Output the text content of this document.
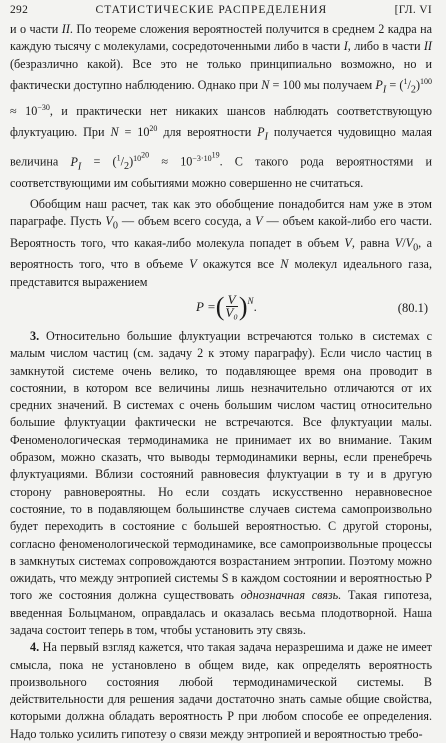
292	СТАТИСТИЧЕСКИЕ РАСПРЕДЕЛЕНИЯ	[ГЛ. VI

и о части II. По теореме сложения вероятностей получится в среднем 2 кадра на каждую тысячу с молекулами, сосредоточенными либо в части I, либо в части II (безразлично какой). Все это не только принципиально возможно, но и фактически доступно наблюдению. Однако при N = 100 мы получаем $P_I = (^1/_2)^{100} \approx 10^{-30}$, и практически нет никаких шансов наблюдать соответствующую флуктуацию. При $N = 10^{20}$ для вероятности $P_I$ получается чудовищно малая величина $P_I = (^1/_2)^{10^{20}} \approx 10^{-3\cdot 10^{19}}$. С такого рода вероятностями и соответствующими им событиями можно совершенно не считаться.

Обобщим наш расчет, так как это обобщение понадобится нам уже в этом параграфе. Пусть $V_0$ — объем всего сосуда, а V — объем какой-либо его части. Вероятность того, что какая-либо молекула попадет в объем V, равна $V/V_0$, а вероятность того, что в объеме V окажутся все N молекул идеального газа, представится выражением

P = ( $\frac{V}{\text{V₀}} )^N$ .	(80.1)

3. Относительно большие флуктуации встречаются только в системах с малым числом частиц (см. задачу 2 к этому параграфу). Если число частиц в замкнутой системе очень велико, то подавляющее время она проводит в состоянии, в котором все величины лишь незначительно отличаются от их средних значений. В системах с очень большим числом частиц относительно большие флуктуации фактически не встречаются. Все флуктуации малы. Феноменологическая термодинамика не принимает их во внимание. Таким образом, можно сказать, что выводы термодинамики верны, если пренебречь флуктуациями. Вблизи состояний равновесия флуктуации в ту и в другую сторону равновероятны. Но если создать искусственно неравновесное состояние, то в подавляющем большинстве случаев система самопроизвольно будет переходить в состояние с большей вероятностью. С другой стороны, согласно феноменологической термодинамике, все самопроизвольные процессы в замкнутых системах сопровождаются возрастанием энтропии. Поэтому можно ожидать, что между энтропией системы S в каждом состоянии и вероятностью P того же состояния должна существовать однозначная связь. Такая гипотеза, введенная Больцманом, оправдалась и оказалась весьма плодотворной. Наша задача состоит теперь в том, чтобы установить эту связь.

4. На первый взгляд кажется, что такая задача неразрешима и даже не имеет смысла, пока не установлено в общем виде, как определять вероятность произвольного состояния любой термодинамической системы. В действительности для решения задачи достаточно знать самые общие свойства, которыми должна обладать вероятность P при любом способе ее определения. Надо только усилить гипотезу о связи между энтропией и вероятностью требо-
